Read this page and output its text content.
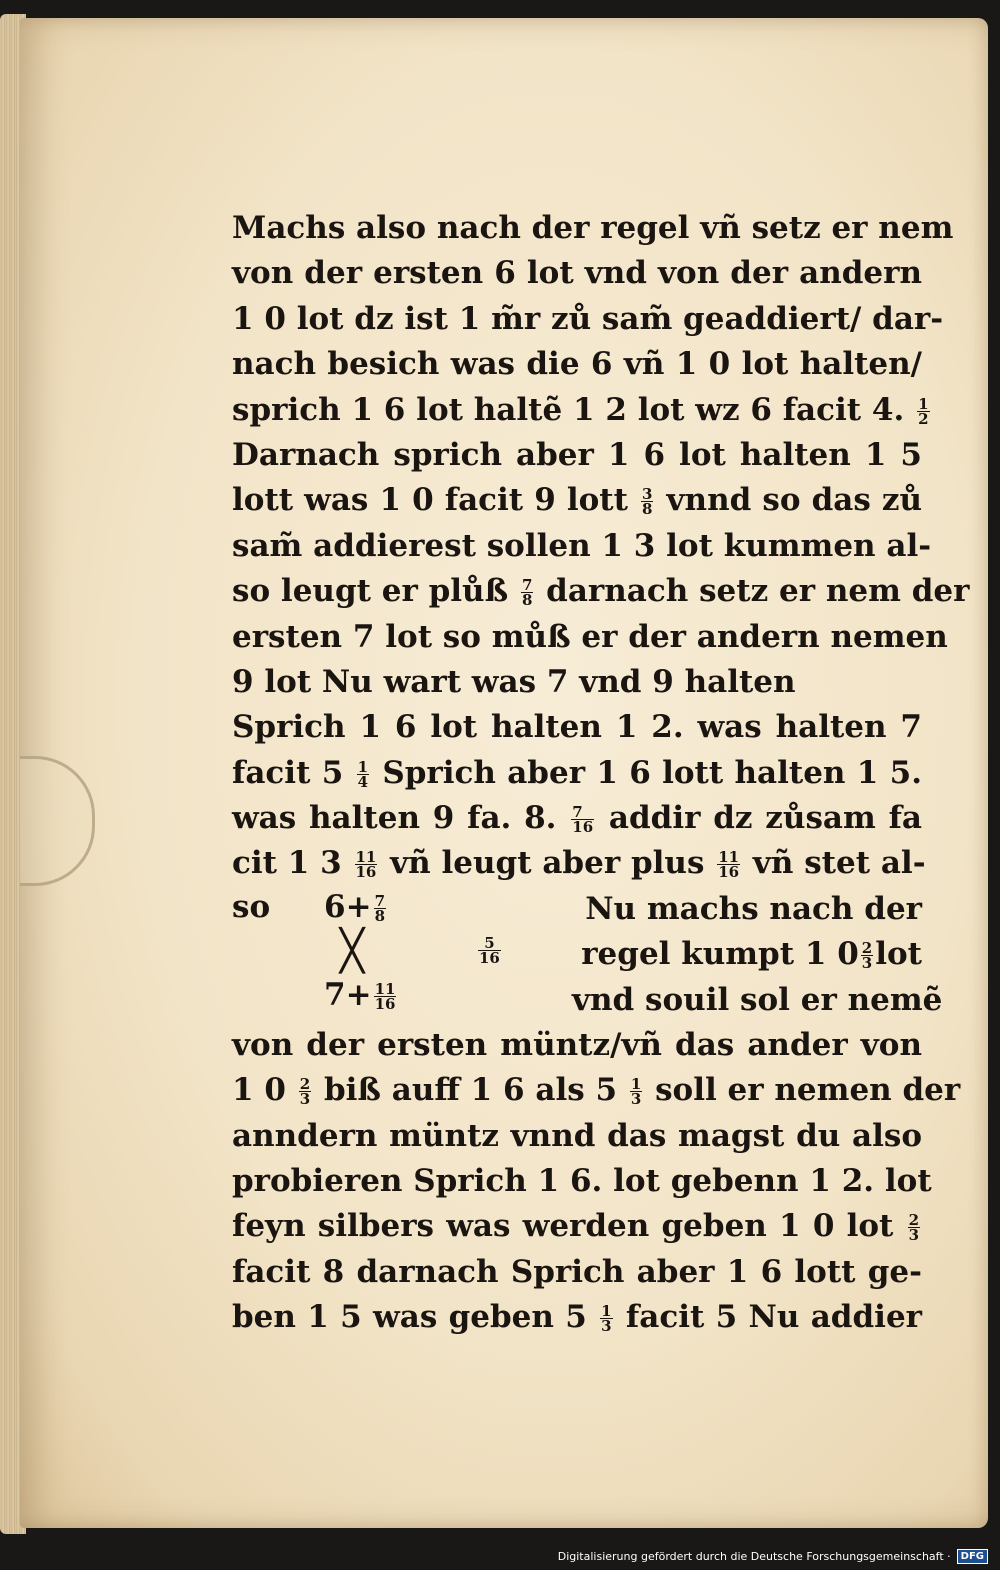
Machs also nach der regel vñ setz er nem
von der ersten 6 lot vnd von der andern
1 0 lot dz ist 1 m̃r zů sam̃ geaddiert/ dar-
nach besich was die 6 vñ 1 0 lot halten/
sprich 1 6 lot haltẽ 1 2 lot wz 6 facit 4. $\frac{1}{2}$
Darnach sprich aber 1 6 lot halten 1 5
lott was 1 0 facit 9 lott $\frac{3}{8}$ vnnd so das zů
sam̃ addierest sollen 1 3 lot kummen al-
so leugt er plůß $\frac{7}{8}$ darnach setz er nem der
ersten 7 lot so můß er der andern nemen
9 lot Nu wart was 7 vnd 9 halten
Sprich 1 6 lot halten 1 2. was halten 7
facit $5 \frac{1}{4}$ Sprich aber 1 6 lott halten 1 5.
was halten 9 fa. 8. $\frac{7}{16}$ addir dz zůsam fa
cit 1 $3 \frac{11}{16}$ vñ leugt aber plus $\frac{11}{16}$ vñ stet al-
so $6+ \frac{7}{8}$
╳	$\frac{5}{16}$
$7+ \frac{11}{16}$
Nu machs nach der
regel kumpt 1 $0 \frac{2}{3}$ lot
vnd souil sol er nemẽ
von der ersten müntz/vñ das ander von
1 $0 \frac{2}{3}$ biß auff 1 6 als $5 \frac{1}{3}$ soll er nemen der
anndern müntz vnnd das magst du also
probieren Sprich 1 6. lot gebenn 1 2. lot
feyn silbers was werden geben 1 0 lot $\frac{2}{3}$
facit 8 darnach Sprich aber 1 6 lott ge-
ben 1 5 was geben $5 \frac{1}{3}$ facit 5 Nu addier
Digitalisierung gefördert durch die Deutsche Forschungsgemeinschaft ·	DFG
